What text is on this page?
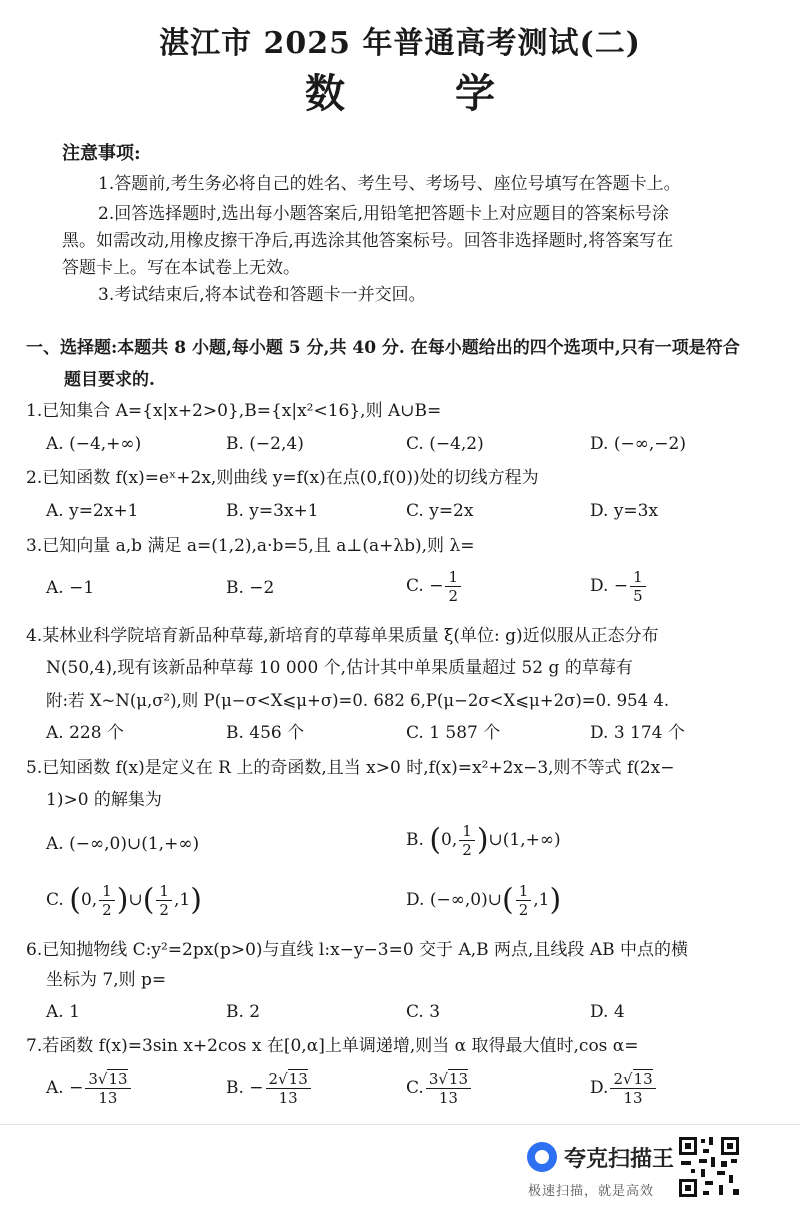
湛江市 2025 年普通高考测试(二)
数	学
注意事项:
1.答题前,考生务必将自己的姓名、考生号、考场号、座位号填写在答题卡上。
2.回答选择题时,选出每小题答案后,用铅笔把答题卡上对应题目的答案标号涂
黑。如需改动,用橡皮擦干净后,再选涂其他答案标号。回答非选择题时,将答案写在
答题卡上。写在本试卷上无效。
3.考试结束后,将本试卷和答题卡一并交回。
一、选择题:本题共 8 小题,每小题 5 分,共 40 分. 在每小题给出的四个选项中,只有一项是符合
题目要求的.
1.已知集合 A={x|x+2>0},B={x|x²<16},则 A∪B=
A. (−4,+∞)	B. (−2,4)	C. (−4,2)	D. (−∞,−2)
2.已知函数 f(x)=eˣ+2x,则曲线 y=f(x)在点(0,f(0))处的切线方程为
A. y=2x+1	B. y=3x+1	C. y=2x	D. y=3x
3.已知向量 a,b 满足 a=(1,2),a·b=5,且 a⊥(a+λb),则 λ=
A. −1	B. −2	C. − $\frac{1}{2}$	D. − $\frac{1}{5}$
4.某林业科学院培育新品种草莓,新培育的草莓单果质量 ξ(单位: g)近似服从正态分布
N(50,4),现有该新品种草莓 10 000 个,估计其中单果质量超过 52 g 的草莓有
附:若 X~N(μ,σ²),则 P(μ−σ<X⩽μ+σ)=0. 682 6,P(μ−2σ<X⩽μ+2σ)=0. 954 4.
A. 228 个	B. 456 个	C. 1 587 个	D. 3 174 个
5.已知函数 f(x)是定义在 R 上的奇函数,且当 x>0 时,f(x)=x²+2x−3,则不等式 f(2x−
1)>0 的解集为
A. (−∞,0)∪(1,+∞)	B. (0, $\frac{1}{2}$ )∪(1,+∞)
C. (0, $\frac{1}{2}$ )∪( $\frac{1}{2} ,1$)	D. (−∞,0)∪( $\frac{1}{2} ,1$)
6.已知抛物线 C:y²=2px(p>0)与直线 l:x−y−3=0 交于 A,B 两点,且线段 AB 中点的横
坐标为 7,则 p=
A. 1	B. 2	C. 3	D. 4
7.若函数 f(x)=3sin x+2cos x 在[0,α]上单调递增,则当 α 取得最大值时,cos α=
A. − $\frac{3√13}{13}$	B. − $\frac{2√13}{13}$	C. $\frac{3√13}{13}$	D. $\frac{2√13}{13}$
夸克扫描王
极速扫描，就是高效
